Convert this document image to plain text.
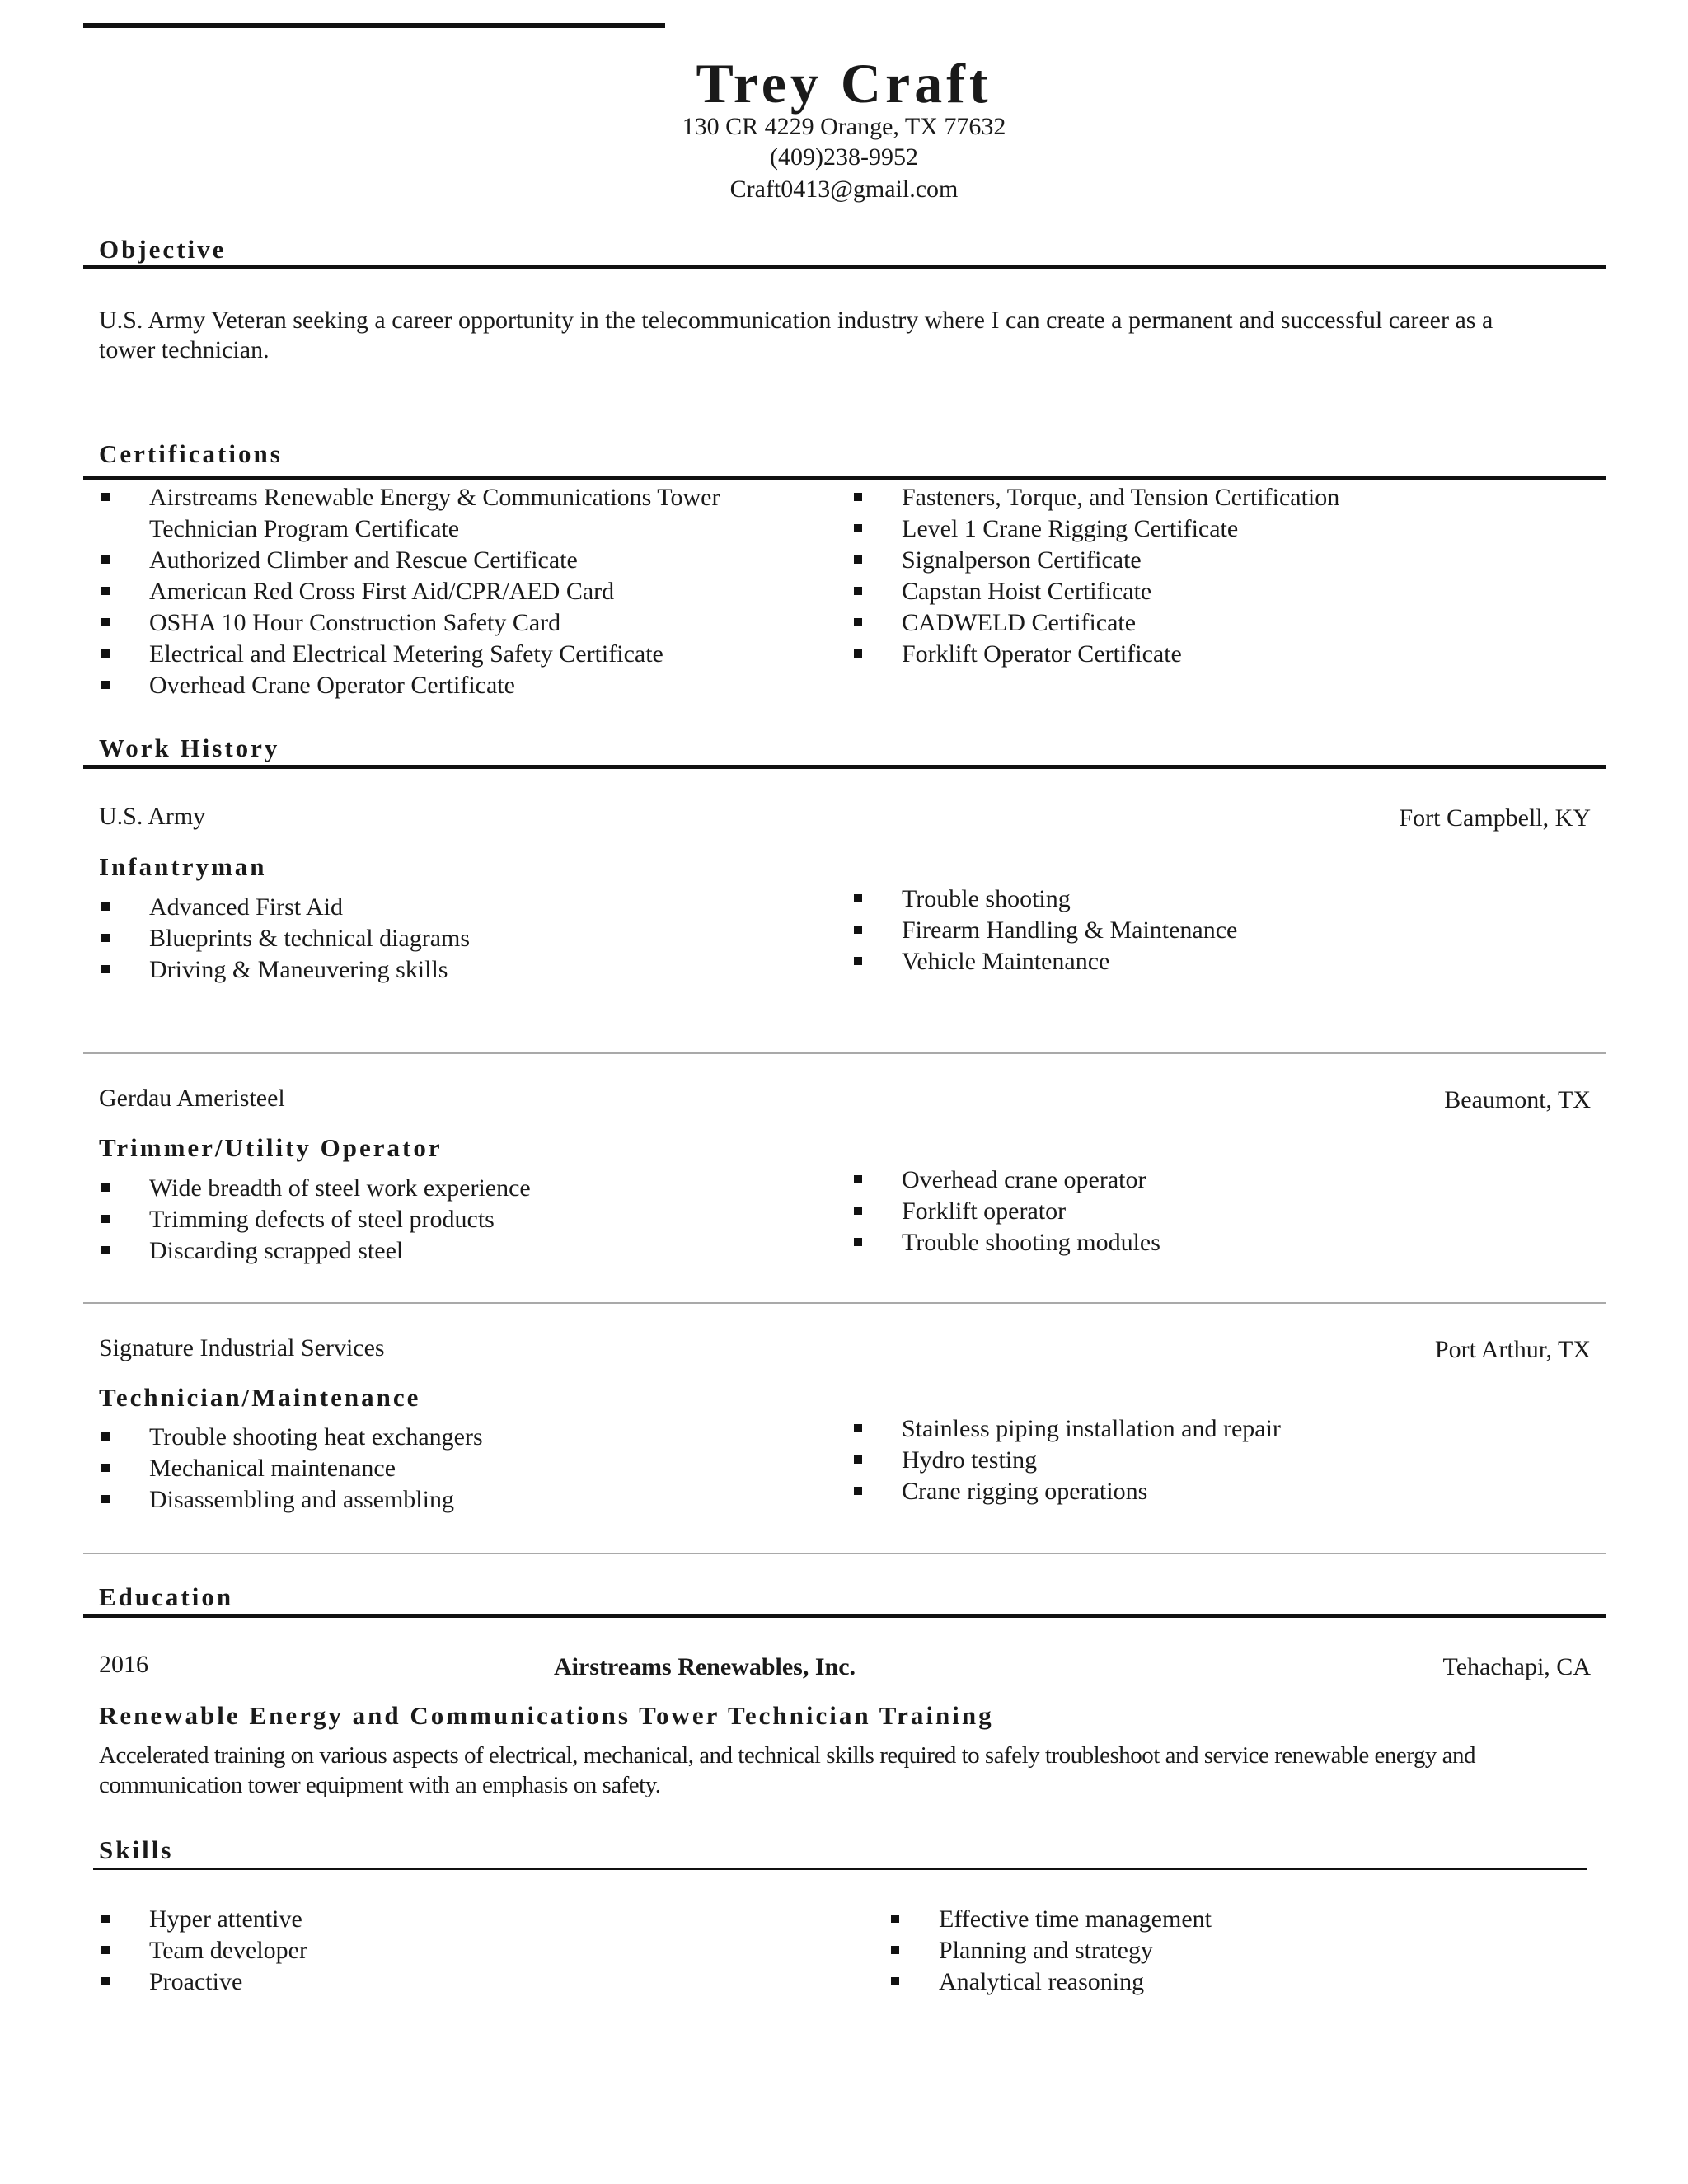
Trey Craft
130 CR 4229 Orange, TX 77632
(409)238-9952
Craft0413@gmail.com
Objective
U.S. Army Veteran seeking a career opportunity in the telecommunication industry where I can create a permanent and successful career as a tower technician.
Certifications
Airstreams Renewable Energy & Communications Tower Technician Program Certificate
Authorized Climber and Rescue Certificate
American Red Cross First Aid/CPR/AED Card
OSHA 10 Hour Construction Safety Card
Electrical and Electrical Metering Safety Certificate
Overhead Crane Operator Certificate
Fasteners, Torque, and Tension Certification
Level 1 Crane Rigging Certificate
Signalperson Certificate
Capstan Hoist Certificate
CADWELD Certificate
Forklift Operator Certificate
Work History
U.S. Army	Fort Campbell, KY
Infantryman
Advanced First Aid
Blueprints & technical diagrams
Driving & Maneuvering skills
Trouble shooting
Firearm Handling & Maintenance
Vehicle Maintenance
Gerdau Ameristeel	Beaumont, TX
Trimmer/Utility Operator
Wide breadth of steel work experience
Trimming defects of steel products
Discarding scrapped steel
Overhead crane operator
Forklift operator
Trouble shooting modules
Signature Industrial Services	Port Arthur, TX
Technician/Maintenance
Trouble shooting heat exchangers
Mechanical maintenance
Disassembling and assembling
Stainless piping installation and repair
Hydro testing
Crane rigging operations
Education
2016	Airstreams Renewables, Inc.	Tehachapi, CA
Renewable Energy and Communications Tower Technician Training
Accelerated training on various aspects of electrical, mechanical, and technical skills required to safely troubleshoot and service renewable energy and communication tower equipment with an emphasis on safety.
Skills
Hyper attentive
Team developer
Proactive
Effective time management
Planning and strategy
Analytical reasoning
